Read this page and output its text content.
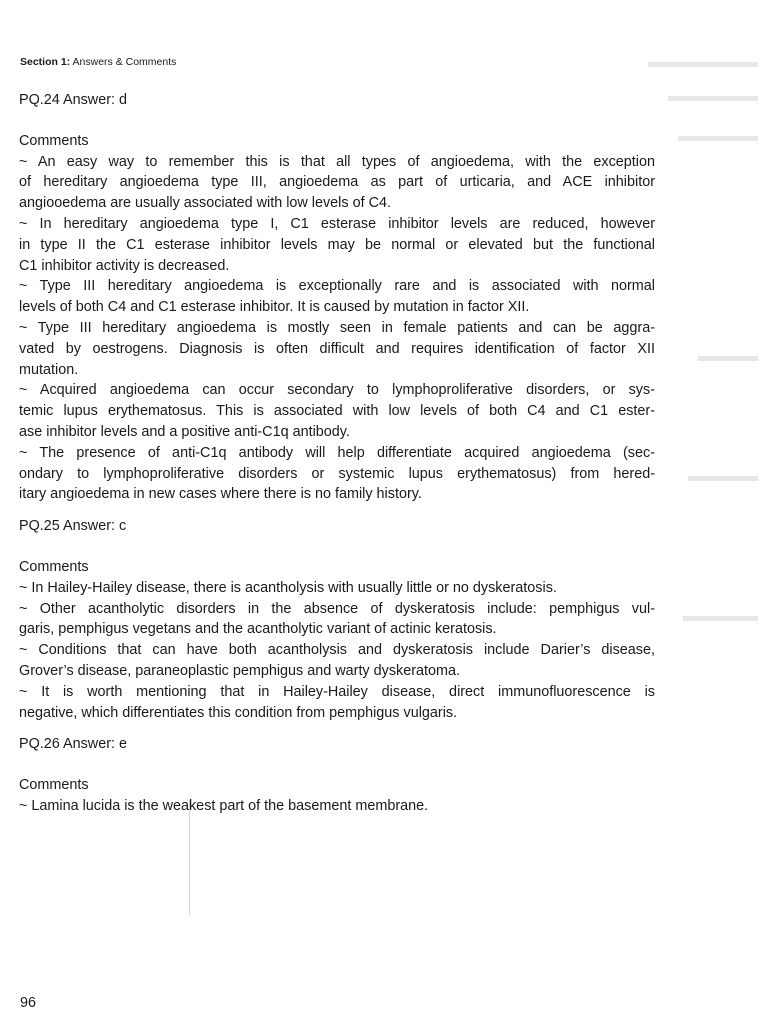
Section 1: Answers & Comments
PQ.24 Answer: d
Comments
~ An easy way to remember this is that all types of angioedema, with the exception
of hereditary angioedema type III, angioedema as part of urticaria, and ACE inhibitor
angiooedema are usually associated with low levels of C4.
~ In hereditary angioedema type I, C1 esterase inhibitor levels are reduced, however
in type II the C1 esterase inhibitor levels may be normal or elevated but the functional
C1 inhibitor activity is decreased.
~ Type III hereditary angioedema is exceptionally rare and is associated with normal
levels of both C4 and C1 esterase inhibitor. It is caused by mutation in factor XII.
~ Type III hereditary angioedema is mostly seen in female patients and can be aggra-
vated by oestrogens. Diagnosis is often difficult and requires identification of factor XII
mutation.
~ Acquired angioedema can occur secondary to lymphoproliferative disorders, or sys-
temic lupus erythematosus. This is associated with low levels of both C4 and C1 ester-
ase inhibitor levels and a positive anti-C1q antibody.
~ The presence of anti-C1q antibody will help differentiate acquired angioedema (sec-
ondary to lymphoproliferative disorders or systemic lupus erythematosus) from hered-
itary angioedema in new cases where there is no family history.
PQ.25 Answer: c
Comments
~ In Hailey-Hailey disease, there is acantholysis with usually little or no dyskeratosis.
~ Other acantholytic disorders in the absence of dyskeratosis include: pemphigus vul-
garis, pemphigus vegetans and the acantholytic variant of actinic keratosis.
~ Conditions that can have both acantholysis and dyskeratosis include Darier’s disease,
Grover’s disease, paraneoplastic pemphigus and warty dyskeratoma.
~ It is worth mentioning that in Hailey-Hailey disease, direct immunofluorescence is
negative, which differentiates this condition from pemphigus vulgaris.
PQ.26 Answer: e
Comments
~ Lamina lucida is the weakest part of the basement membrane.
96
